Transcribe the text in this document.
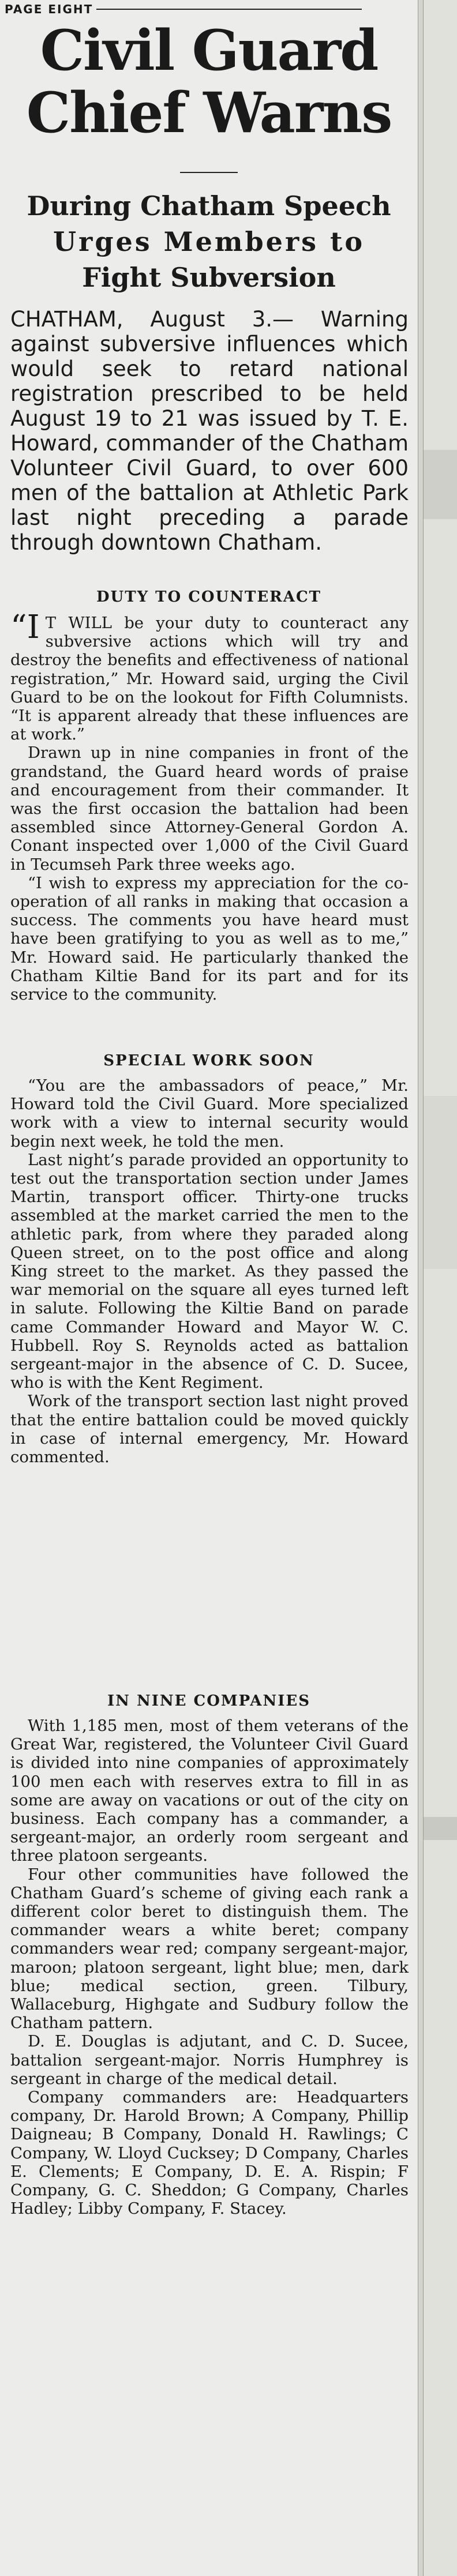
PAGE EIGHT
Civil Guard
Chief Warns
During Chatham Speech
Urges Members to
Fight Subversion

CHATHAM, August 3.— Warning against subversive influences which would seek to retard national registration prescribed to be held August 19 to 21 was issued by T. E. Howard, commander of the Chatham Volunteer Civil Guard, to over 600 men of the battalion at Athletic Park last night preceding a parade through downtown Chatham.

DUTY TO COUNTERACT

“I T WILL be your duty to counteract any subversive actions which will try and destroy the benefits and effectiveness of national registration,” Mr. Howard said, urging the Civil Guard to be on the lookout for Fifth Columnists. “It is apparent already that these influences are at work.”

Drawn up in nine companies in front of the grandstand, the Guard heard words of praise and encouragement from their commander. It was the first occasion the battalion had been assembled since Attorney-General Gordon A. Conant inspected over 1,000 of the Civil Guard in Tecumseh Park three weeks ago.

“I wish to express my appreciation for the co-operation of all ranks in making that occasion a success. The comments you have heard must have been gratifying to you as well as to me,” Mr. Howard said. He particularly thanked the Chatham Kiltie Band for its part and for its service to the community.

SPECIAL WORK SOON

“You are the ambassadors of peace,” Mr. Howard told the Civil Guard. More specialized work with a view to internal security would begin next week, he told the men.

Last night’s parade provided an opportunity to test out the transportation section under James Martin, transport officer. Thirty-one trucks assembled at the market carried the men to the athletic park, from where they paraded along Queen street, on to the post office and along King street to the market. As they passed the war memorial on the square all eyes turned left in salute. Following the Kiltie Band on parade came Commander Howard and Mayor W. C. Hubbell. Roy S. Reynolds acted as battalion sergeant-major in the absence of C. D. Sucee, who is with the Kent Regiment.

Work of the transport section last night proved that the entire battalion could be moved quickly in case of internal emergency, Mr. Howard commented.

IN NINE COMPANIES

With 1,185 men, most of them veterans of the Great War, registered, the Volunteer Civil Guard is divided into nine companies of approximately 100 men each with reserves extra to fill in as some are away on vacations or out of the city on business. Each company has a commander, a sergeant-major, an orderly room sergeant and three platoon sergeants.

Four other communities have followed the Chatham Guard’s scheme of giving each rank a different color beret to distinguish them. The commander wears a white beret; company commanders wear red; company sergeant-major, maroon; platoon sergeant, light blue; men, dark blue; medical section, green. Tilbury, Wallaceburg, Highgate and Sudbury follow the Chatham pattern.

D. E. Douglas is adjutant, and C. D. Sucee, battalion sergeant-major. Norris Humphrey is sergeant in charge of the medical detail.

Company commanders are: Headquarters company, Dr. Harold Brown; A Company, Phillip Daigneau; B Company, Donald H. Rawlings; C Company, W. Lloyd Cucksey; D Company, Charles E. Clements; E Company, D. E. A. Rispin; F Company, G. C. Sheddon; G Company, Charles Hadley; Libby Company, F. Stacey.
